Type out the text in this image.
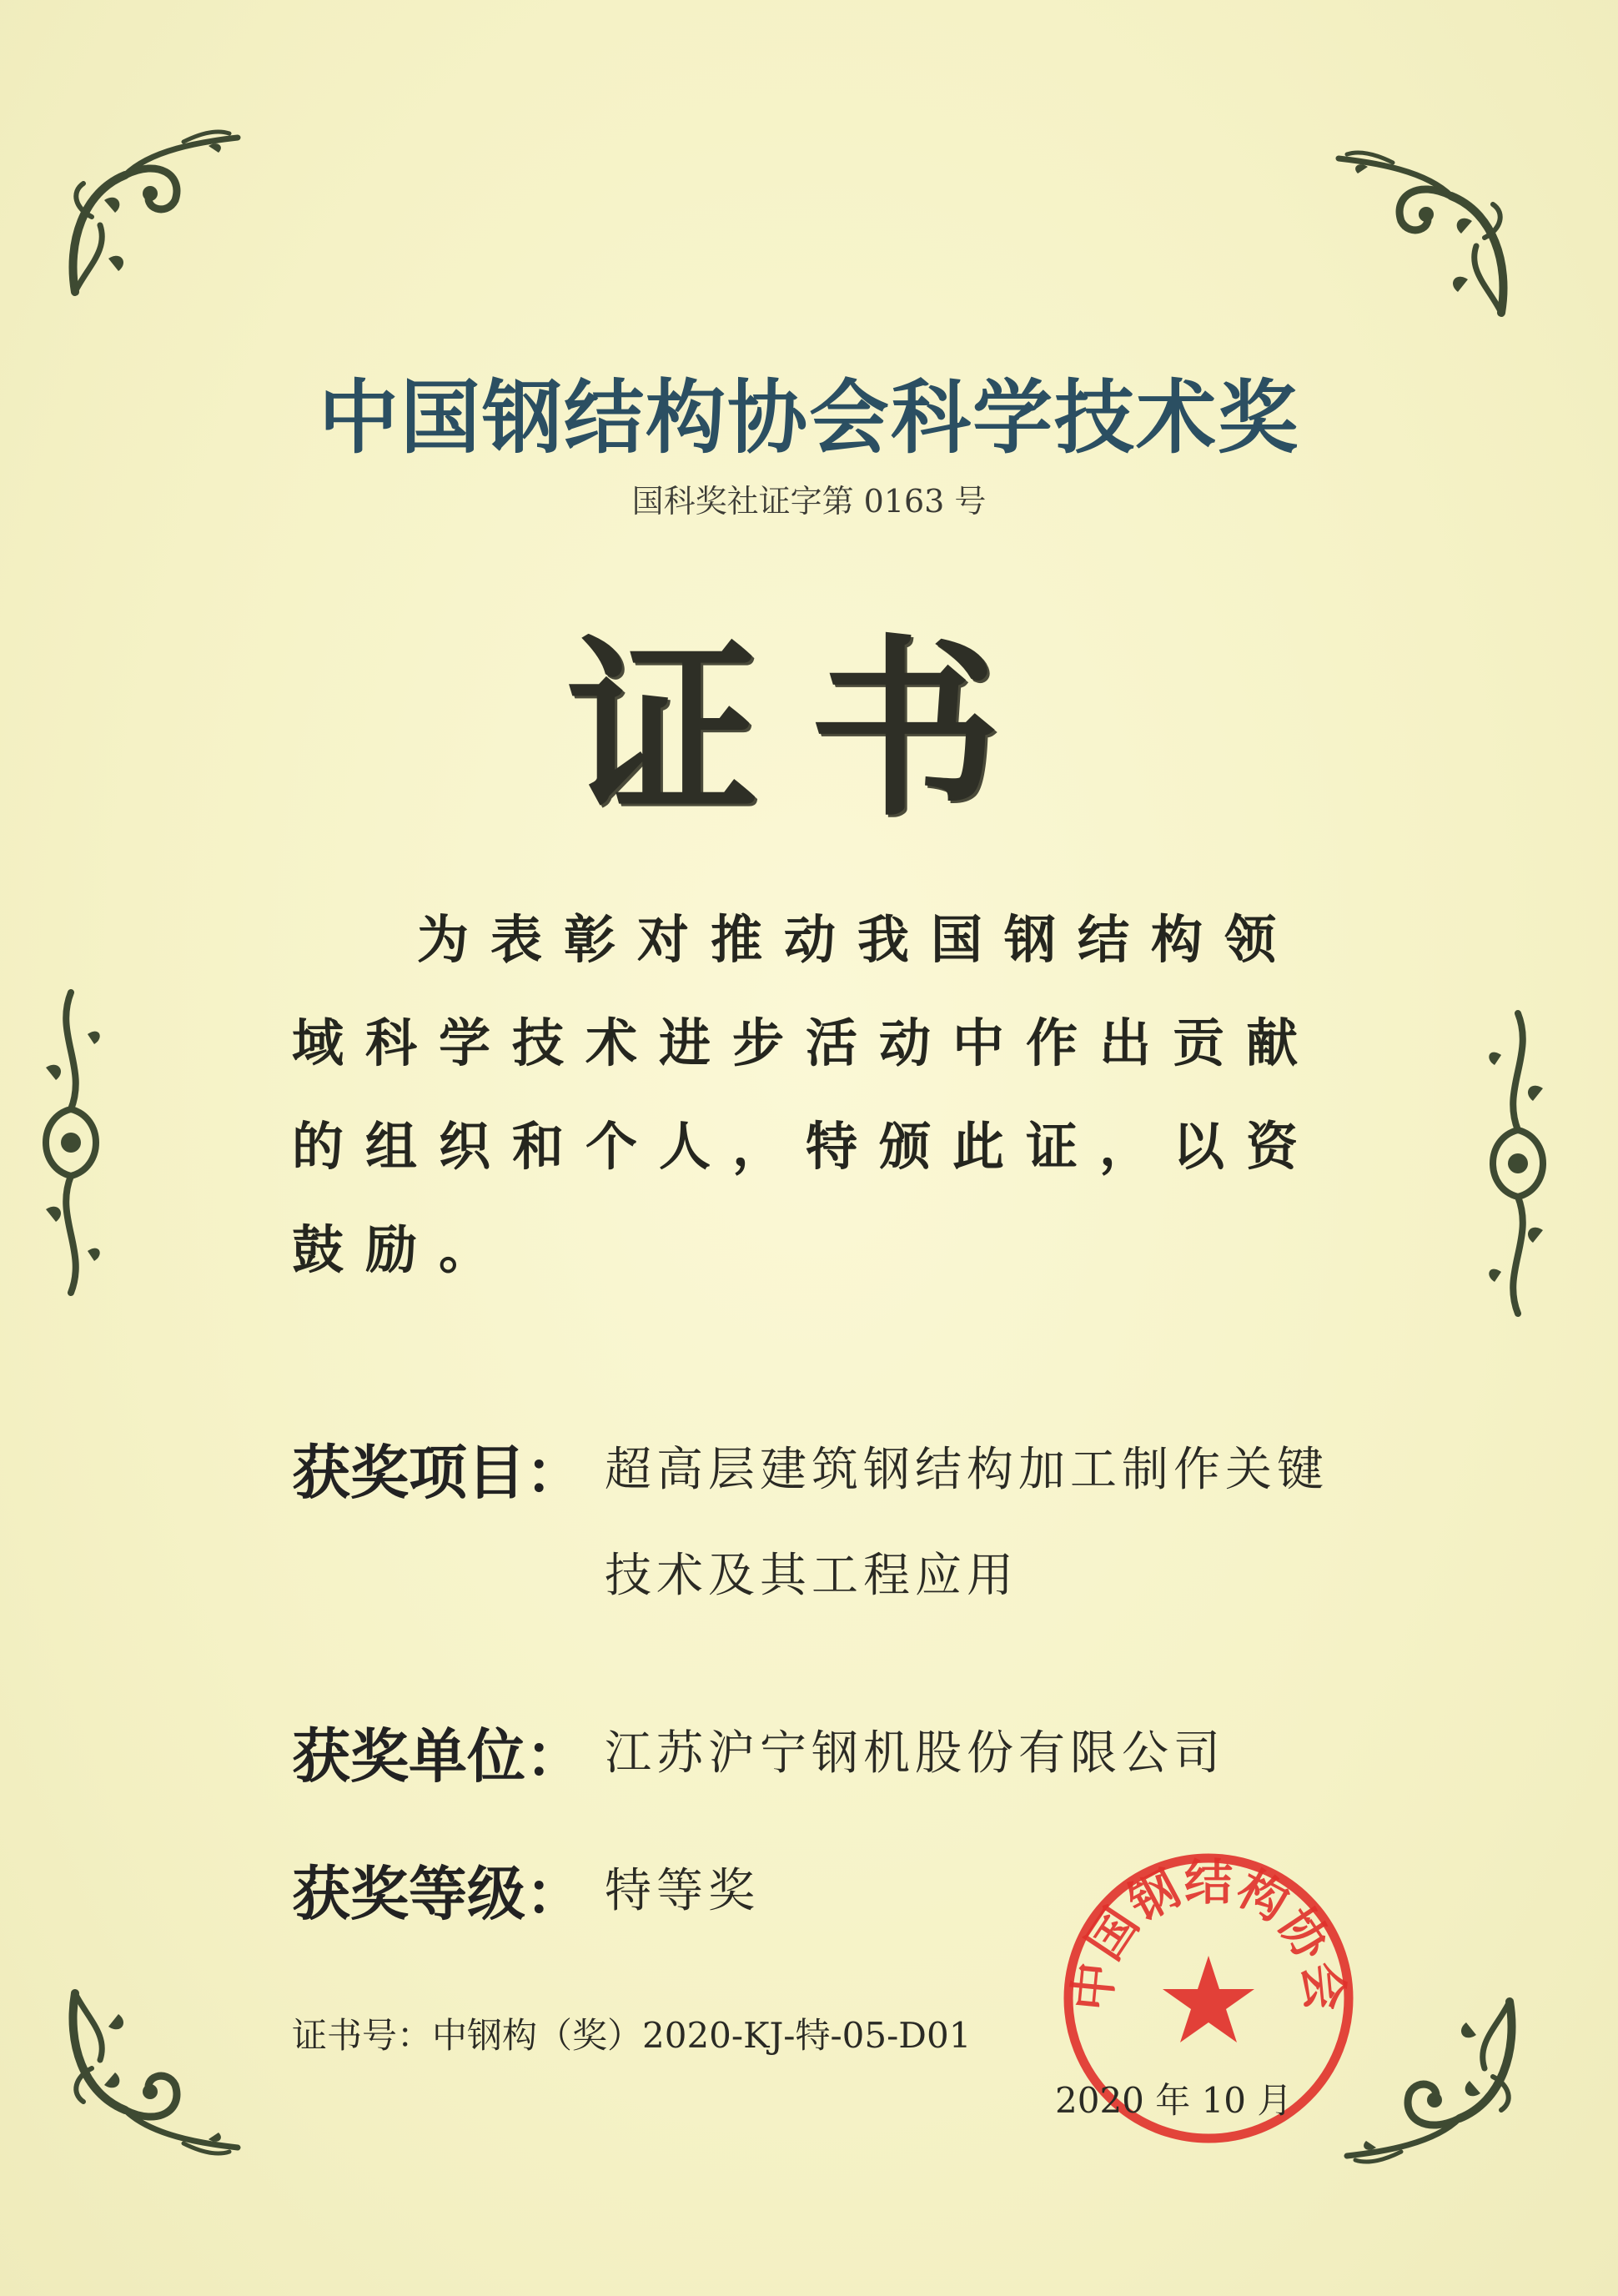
中国钢结构协会科学技术奖
国科奖社证字第 0163 号
证书
为表彰对推动我国钢结构领域科学技术进步活动中作出贡献的组织和个人，特颁此证，以资鼓励。
获奖项目： 超高层建筑钢结构加工制作关键
技术及其工程应用
获奖单位： 江苏沪宁钢机股份有限公司
获奖等级： 特等奖
证书号：中钢构（奖）2020-KJ-特-05-D01
中国钢结构协会
2020 年 10 月
